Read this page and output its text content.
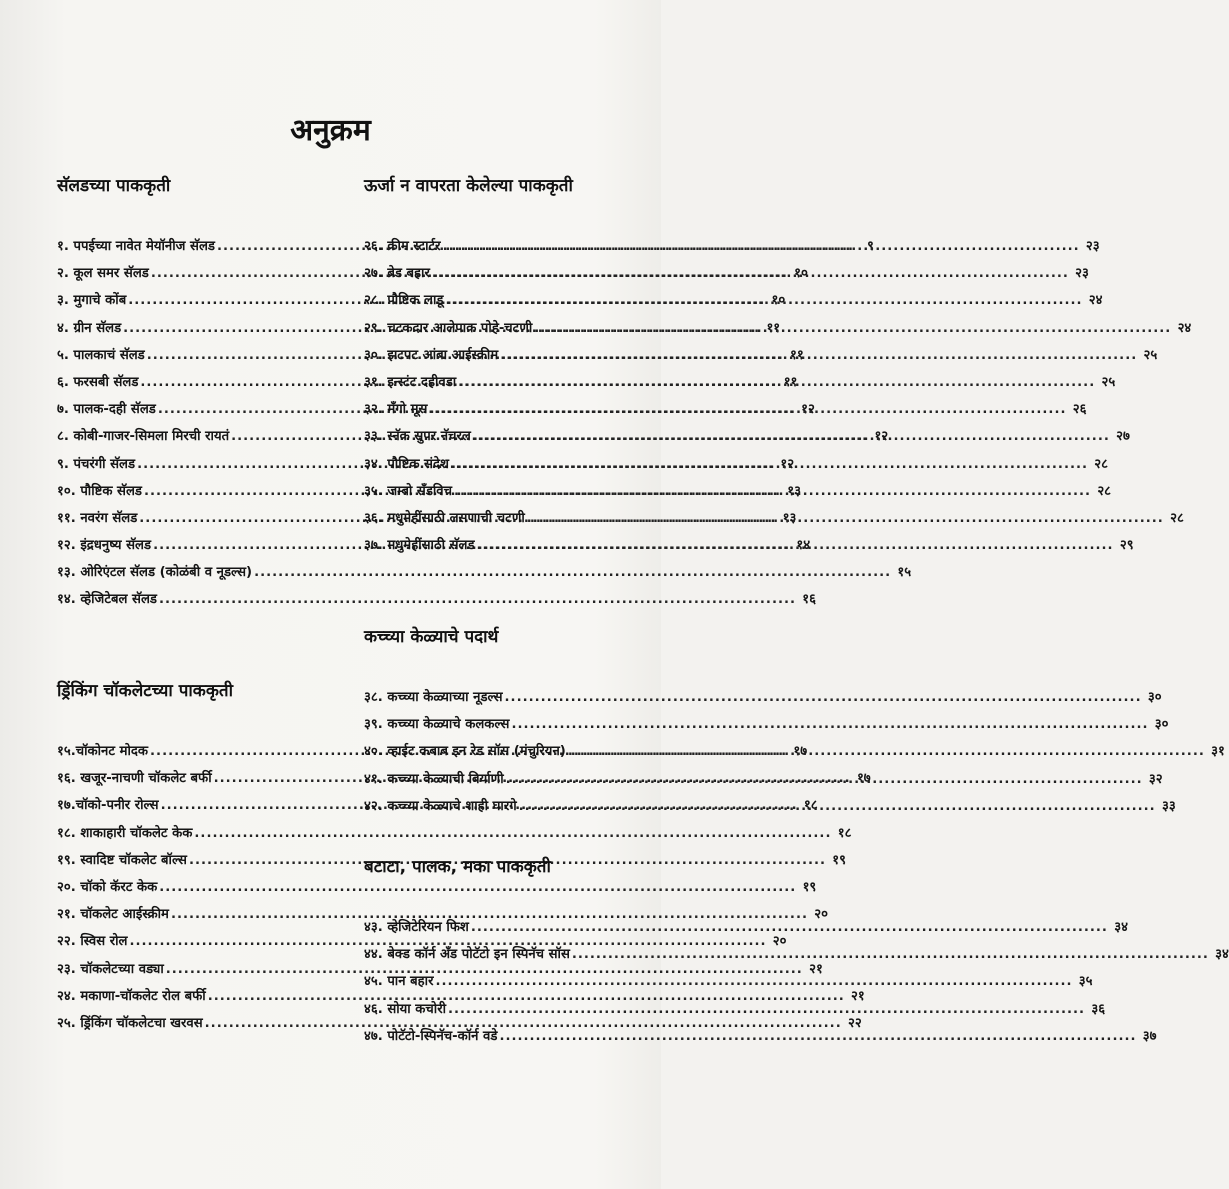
अनुक्रम
सॅलडच्या पाककृती
१. पपईच्या नावेत मेयॉनीज सॅलड .....	९
२. कूल समर सॅलड .....	१०
३. मुगाचे कोंब .....	१०
४. ग्रीन सॅलड .....	११
५. पालकाचं सॅलड .....	११
६. फरसबी सॅलड .....	११
७. पालक-दही सॅलड .....	१२
८. कोबी-गाजर-सिमला मिरची रायतं .....	१२
९. पंचरंगी सॅलड .....	१२
१०. पौष्टिक सॅलड .....	१३
११. नवरंग सॅलड .....	१३
१२. इंद्रधनुष्य सॅलड .....	१४
१३. ओरिएंटल सॅलड (कोळंबी व नूडल्स) .....	१५
१४. व्हेजिटेबल सॅलड .....	१६
ड्रिंकिंग चॉकलेटच्या पाककृती
१५.चॉकोनट मोदक .....	१७
१६. खजूर-नाचणी चॉकलेट बर्फी .....	१७
१७.चॉको-पनीर रोल्स .....	१८
१८. शाकाहारी चॉकलेट केक .....	१८
१९. स्वादिष्ट चॉकलेट बॉल्स .....	१९
२०. चॉको कॅरट केक .....	१९
२१. चॉकलेट आईस्क्रीम .....	२०
२२. स्विस रोल .....	२०
२३. चॉकलेटच्या वड्या .....	२१
२४. मकाणा-चॉकलेट रोल बर्फी .....	२१
२५. ड्रिंकिंग चॉकलेटचा खरवस .....	२२
ऊर्जा न वापरता केलेल्या पाककृती
२६. क्रीम स्टार्टर .....	२३
२७. ब्रेड बहार .....	२३
२८. पौष्टिक लाडू .....	२४
२९. चटकदार आलेपाक पोहे-चटणी .....	२४
३०. झटपट आंबा आईस्क्रीम .....	२५
३१. इन्स्टंट दहीवडा .....	२५
३२. मँगो मूस .....	२६
३३. स्नॅक सुपर नॅचरल .....	२७
३४. पौष्टिक संदेश .....	२८
३५. जम्बो सँडविच .....	२८
३६. मधुमेहींसाठी लसणाची चटणी .....	२८
३७. मधुमेहींसाठी सॅलड .....	२९
कच्च्या केळ्याचे पदार्थ
३८. कच्च्या केळ्याच्या नूडल्स .....	३०
३९. कच्च्या केळ्याचे कलकल्स .....	३०
४०. व्हाईट कबाब इन रेड सॉस (मंचुरियन) .....	३१
४१. कच्च्या केळ्याची बिर्याणी .....	३२
४२. कच्च्या केळ्याचे शाही घारगे .....	३३
बटाटा, पालक, मका पाककृती
४३. व्हेजिटेरियन फिश .....	३४
४४. बेक्ड कॉर्न अँड पोटॅटो इन स्पिनॅच सॉस .....	३४
४५. पान बहार .....	३५
४६. सोया कचोरी .....	३६
४७. पोटॅटो-स्पिनॅच-कॉर्न वडे .....	३७
